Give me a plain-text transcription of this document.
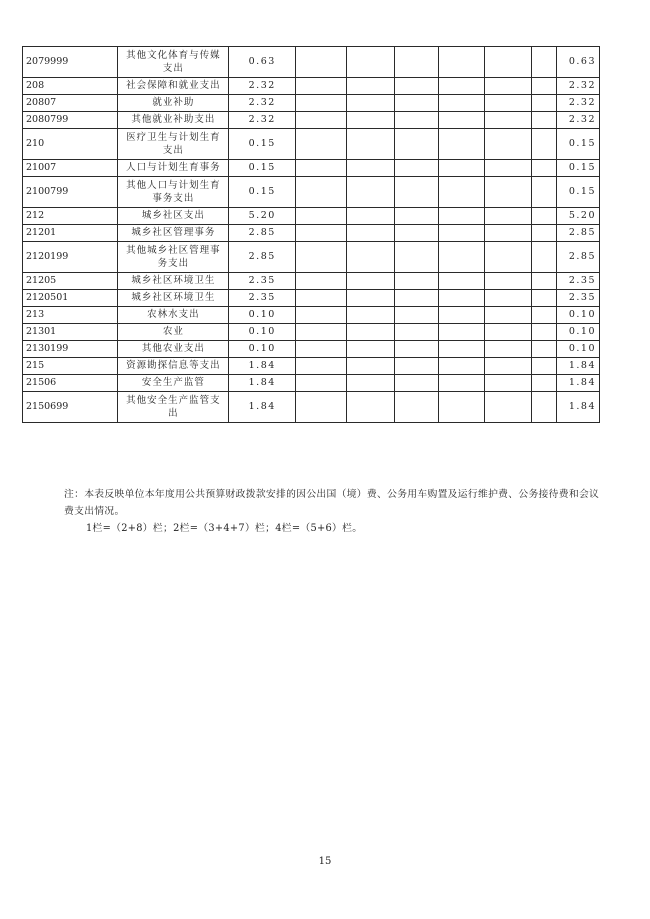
2079999	其他文化体育与传媒支出	0.63							0.63
208	社会保障和就业支出	2.32							2.32
20807	就业补助	2.32							2.32
2080799	其他就业补助支出	2.32							2.32
210	医疗卫生与计划生育支出	0.15							0.15
21007	人口与计划生育事务	0.15							0.15
2100799	其他人口与计划生育事务支出	0.15							0.15
212	城乡社区支出	5.20							5.20
21201	城乡社区管理事务	2.85							2.85
2120199	其他城乡社区管理事务支出	2.85							2.85
21205	城乡社区环境卫生	2.35							2.35
2120501	城乡社区环境卫生	2.35							2.35
213	农林水支出	0.10							0.10
21301	农业	0.10							0.10
2130199	其他农业支出	0.10							0.10
215	资源勘探信息等支出	1.84							1.84
21506	安全生产监管	1.84							1.84
2150699	其他安全生产监管支出	1.84							1.84

注：本表反映单位本年度用公共预算财政拨款安排的因公出国（境）费、公务用车购置及运行维护费、公务接待费和会议费支出情况。

1栏=（2+8）栏；2栏=（3+4+7）栏；4栏=（5+6）栏。

15
